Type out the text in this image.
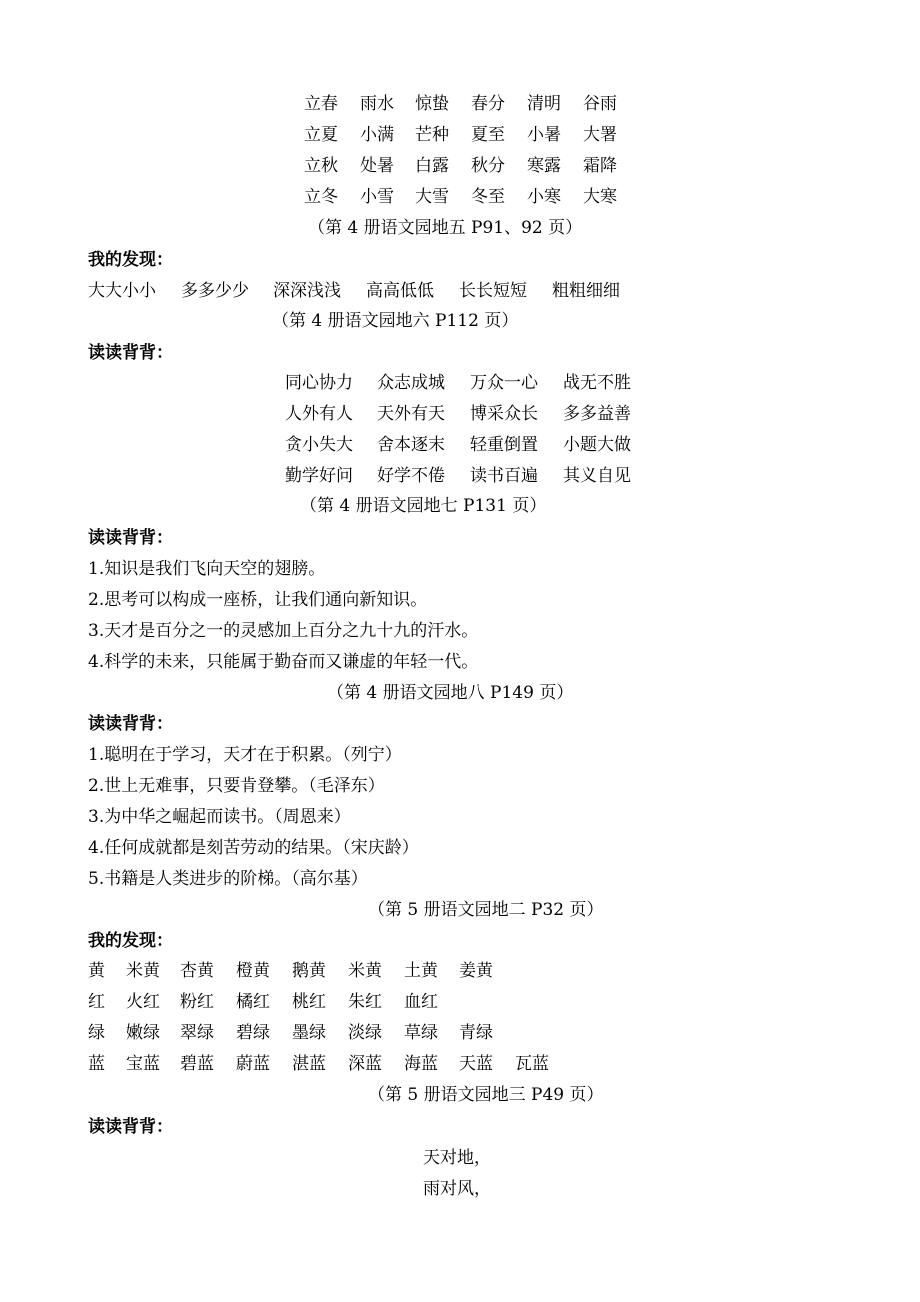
立春 雨水 惊蛰 春分 清明 谷雨
立夏 小满 芒种 夏至 小暑 大署
立秋 处暑 白露 秋分 寒露 霜降
立冬 小雪 大雪 冬至 小寒 大寒
（第 4 册语文园地五 P91、92 页）
我的发现：
大大小小 多多少少 深深浅浅 高高低低 长长短短 粗粗细细
（第 4 册语文园地六 P112 页）
读读背背：
同心协力 众志成城 万众一心 战无不胜
人外有人 天外有天 博采众长 多多益善
贪小失大 舍本逐末 轻重倒置 小题大做
勤学好问 好学不倦 读书百遍 其义自见
（第 4 册语文园地七 P131 页）
读读背背：
1.知识是我们飞向天空的翅膀。
2.思考可以构成一座桥，让我们通向新知识。
3.天才是百分之一的灵感加上百分之九十九的汗水。
4.科学的未来，只能属于勤奋而又谦虚的年轻一代。
（第 4 册语文园地八 P149 页）
读读背背：
1.聪明在于学习，天才在于积累。（列宁）
2.世上无难事，只要肯登攀。（毛泽东）
3.为中华之崛起而读书。（周恩来）
4.任何成就都是刻苦劳动的结果。（宋庆龄）
5.书籍是人类进步的阶梯。（高尔基）
（第 5 册语文园地二 P32 页）
我的发现：
黄 米黄 杏黄 橙黄 鹅黄 米黄 土黄 姜黄
红 火红 粉红 橘红 桃红 朱红 血红
绿 嫩绿 翠绿 碧绿 墨绿 淡绿 草绿 青绿
蓝 宝蓝 碧蓝 蔚蓝 湛蓝 深蓝 海蓝 天蓝 瓦蓝
（第 5 册语文园地三 P49 页）
读读背背：
天对地，
雨对风，
